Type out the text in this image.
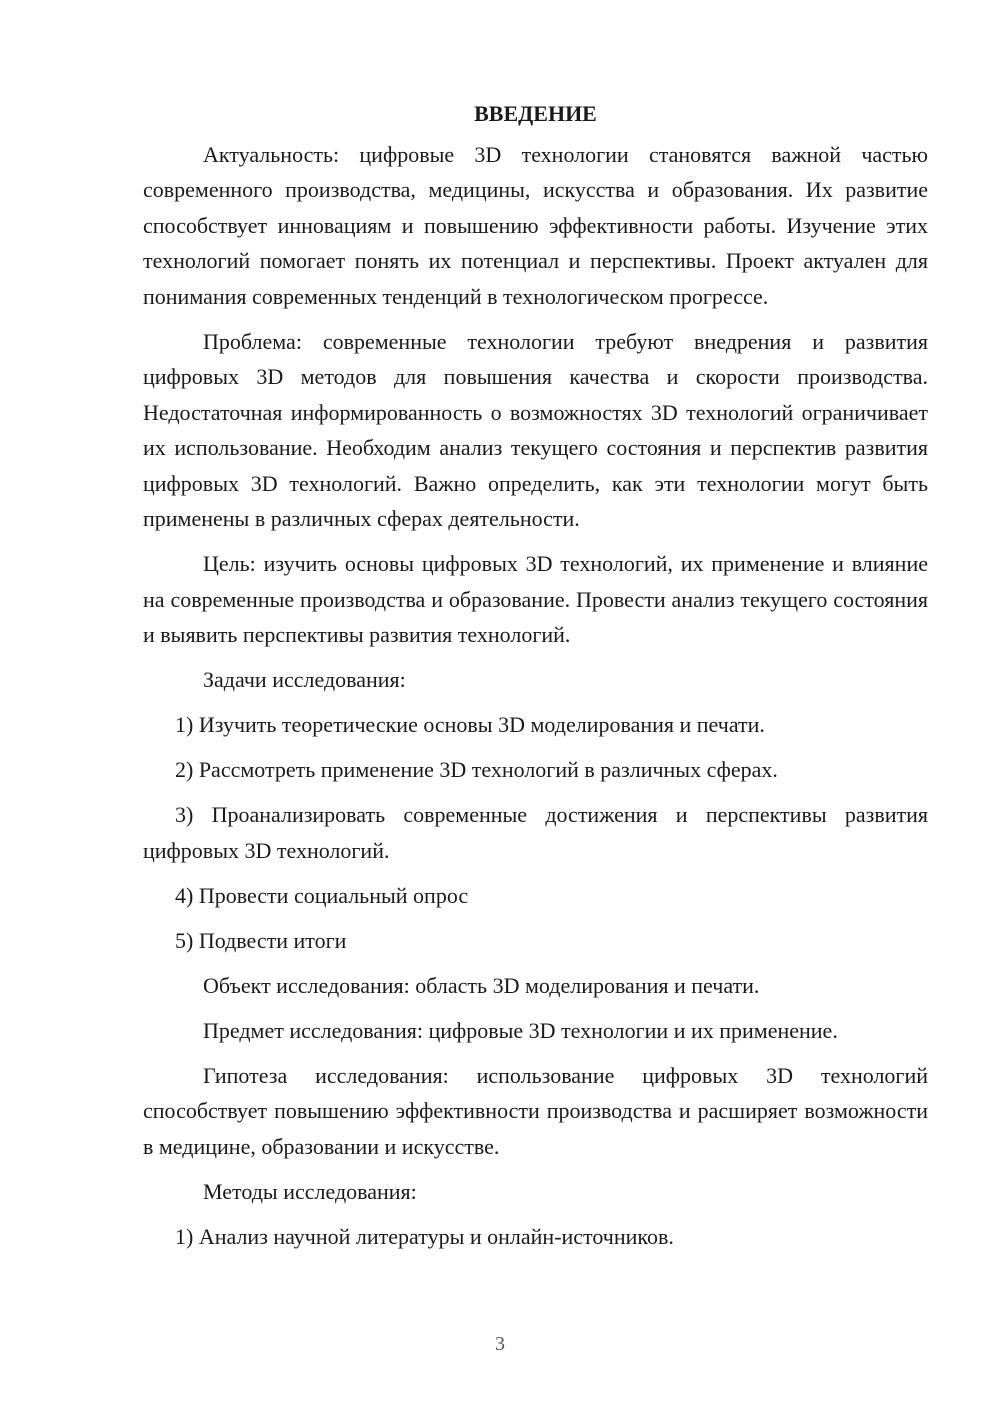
ВВЕДЕНИЕ

Актуальность: цифровые 3D технологии становятся важной частью современного производства, медицины, искусства и образования. Их развитие способствует инновациям и повышению эффективности работы. Изучение этих технологий помогает понять их потенциал и перспективы. Проект актуален для понимания современных тенденций в технологическом прогрессе.

Проблема: современные технологии требуют внедрения и развития цифровых 3D методов для повышения качества и скорости производства. Недостаточная информированность о возможностях 3D технологий ограничивает их использование. Необходим анализ текущего состояния и перспектив развития цифровых 3D технологий. Важно определить, как эти технологии могут быть применены в различных сферах деятельности.

Цель: изучить основы цифровых 3D технологий, их применение и влияние на современные производства и образование. Провести анализ текущего состояния и выявить перспективы развития технологий.

Задачи исследования:

1) Изучить теоретические основы 3D моделирования и печати.

2) Рассмотреть применение 3D технологий в различных сферах.

3) Проанализировать современные достижения и перспективы развития цифровых 3D технологий.

4) Провести социальный опрос

5) Подвести итоги

Объект исследования: область 3D моделирования и печати.

Предмет исследования: цифровые 3D технологии и их применение.

Гипотеза исследования: использование цифровых 3D технологий способствует повышению эффективности производства и расширяет возможности в медицине, образовании и искусстве.

Методы исследования:

1) Анализ научной литературы и онлайн-источников.

3
